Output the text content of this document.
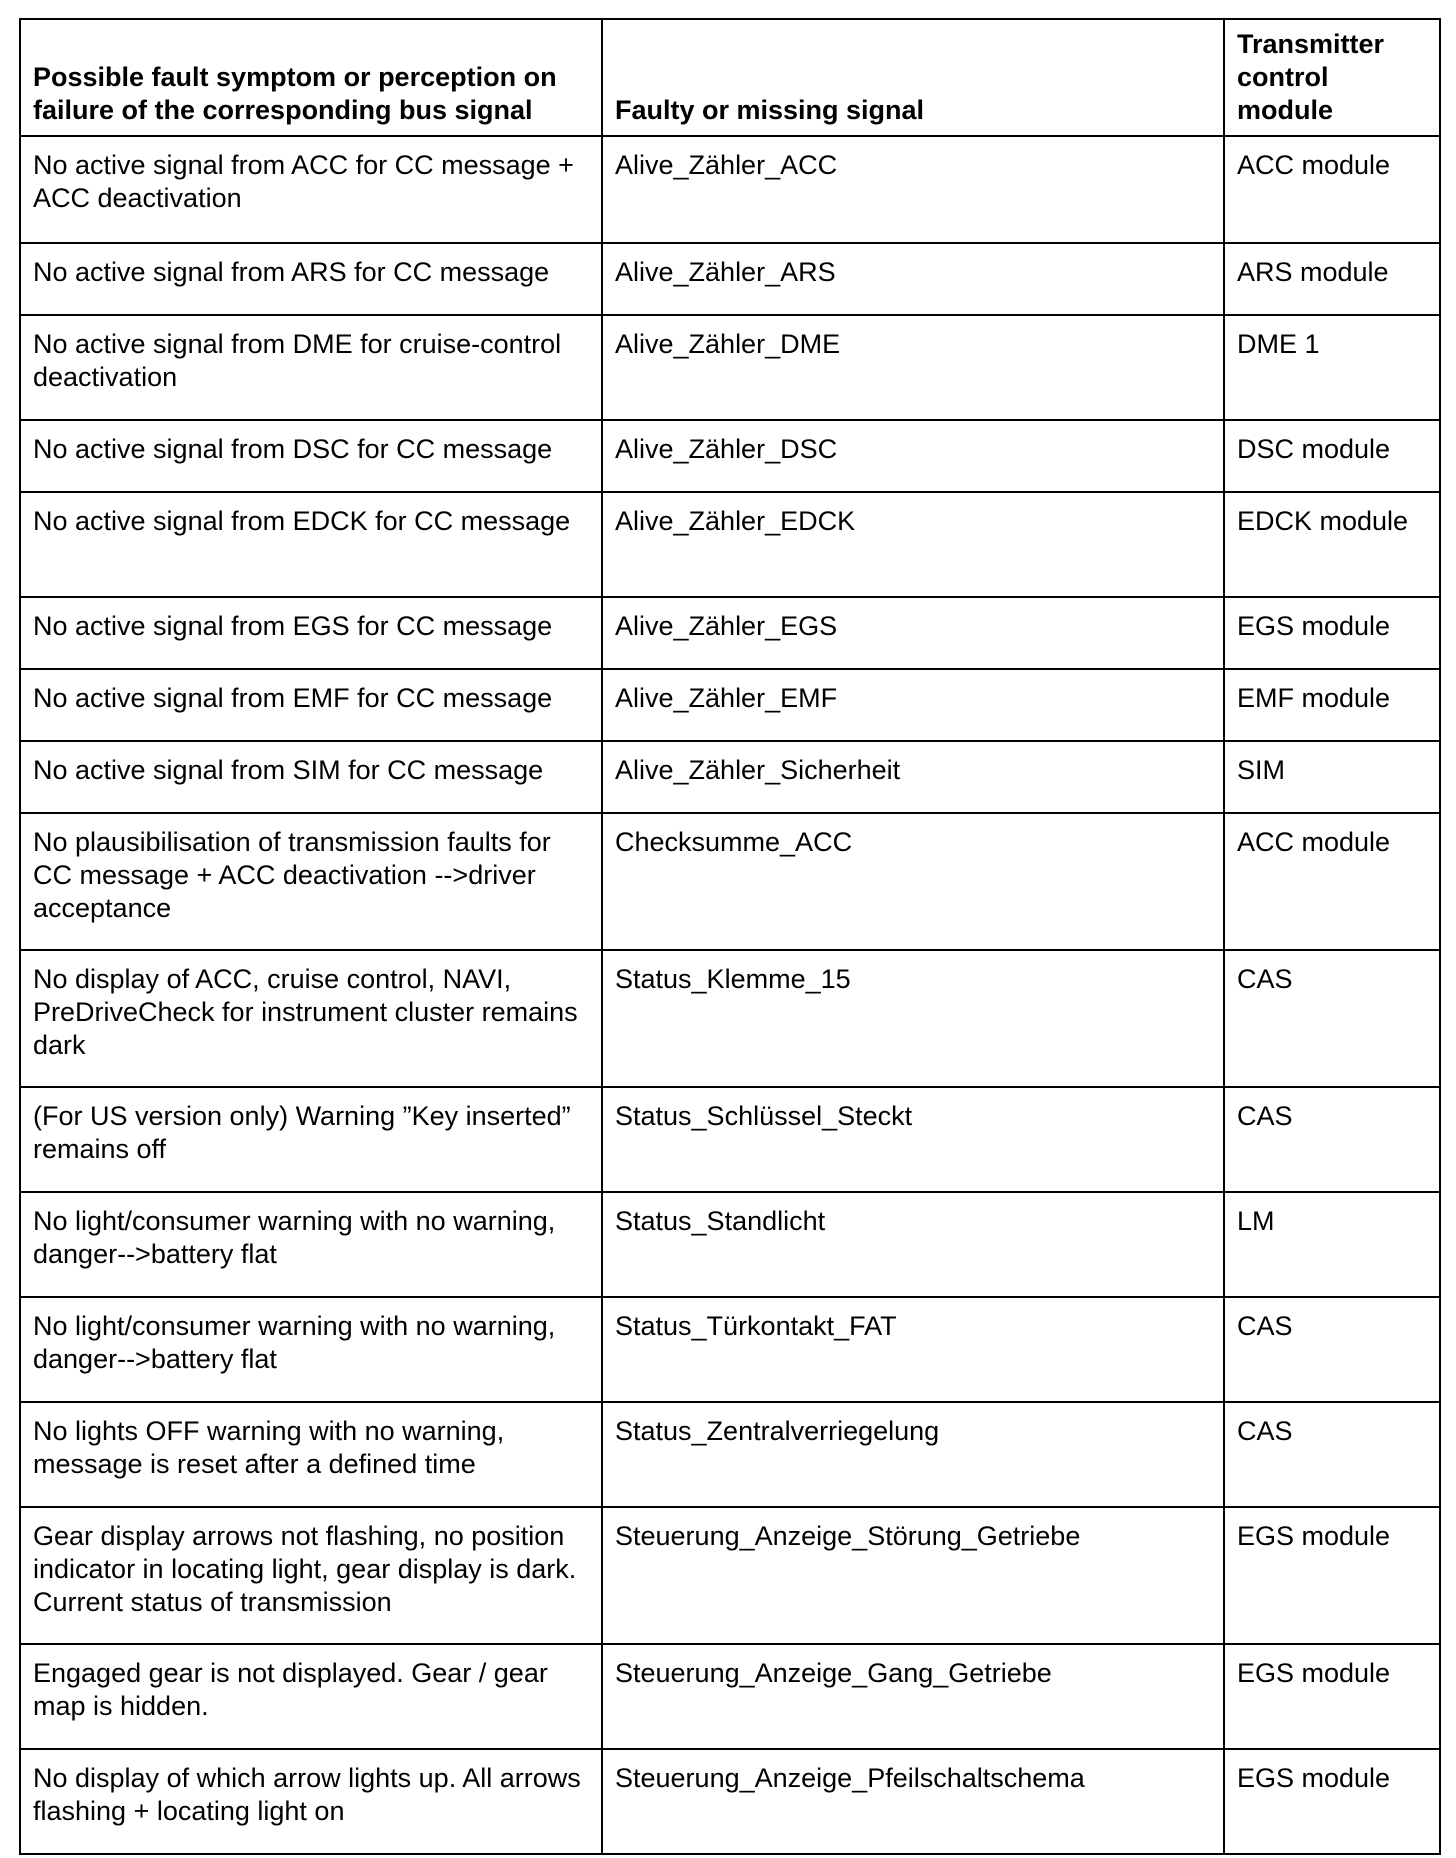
Possible fault symptom or perception on failure of the corresponding bus signal	Faulty or missing signal	Transmitter control module
No active signal from ACC for CC message + ACC deactivation	Alive_Zähler_ACC	ACC module
No active signal from ARS for CC message	Alive_Zähler_ARS	ARS module
No active signal from DME for cruise-control deactivation	Alive_Zähler_DME	DME 1
No active signal from DSC for CC message	Alive_Zähler_DSC	DSC module
No active signal from EDCK for CC message	Alive_Zähler_EDCK	EDCK module
No active signal from EGS for CC message	Alive_Zähler_EGS	EGS module
No active signal from EMF for CC message	Alive_Zähler_EMF	EMF module
No active signal from SIM for CC message	Alive_Zähler_Sicherheit	SIM
No plausibilisation of transmission faults for CC message + ACC deactivation -->driver acceptance	Checksumme_ACC	ACC module
No display of ACC, cruise control, NAVI, PreDriveCheck for instrument cluster remains dark	Status_Klemme_15	CAS
(For US version only) Warning ”Key inserted” remains off	Status_Schlüssel_Steckt	CAS
No light/consumer warning with no warning, danger-->battery flat	Status_Standlicht	LM
No light/consumer warning with no warning, danger-->battery flat	Status_Türkontakt_FAT	CAS
No lights OFF warning with no warning, message is reset after a defined time	Status_Zentralverriegelung	CAS
Gear display arrows not flashing, no position indicator in locating light, gear display is dark. Current status of transmission	Steuerung_Anzeige_Störung_Getriebe	EGS module
Engaged gear is not displayed. Gear / gear map is hidden.	Steuerung_Anzeige_Gang_Getriebe	EGS module
No display of which arrow lights up. All arrows flashing + locating light on	Steuerung_Anzeige_Pfeilschaltschema	EGS module
